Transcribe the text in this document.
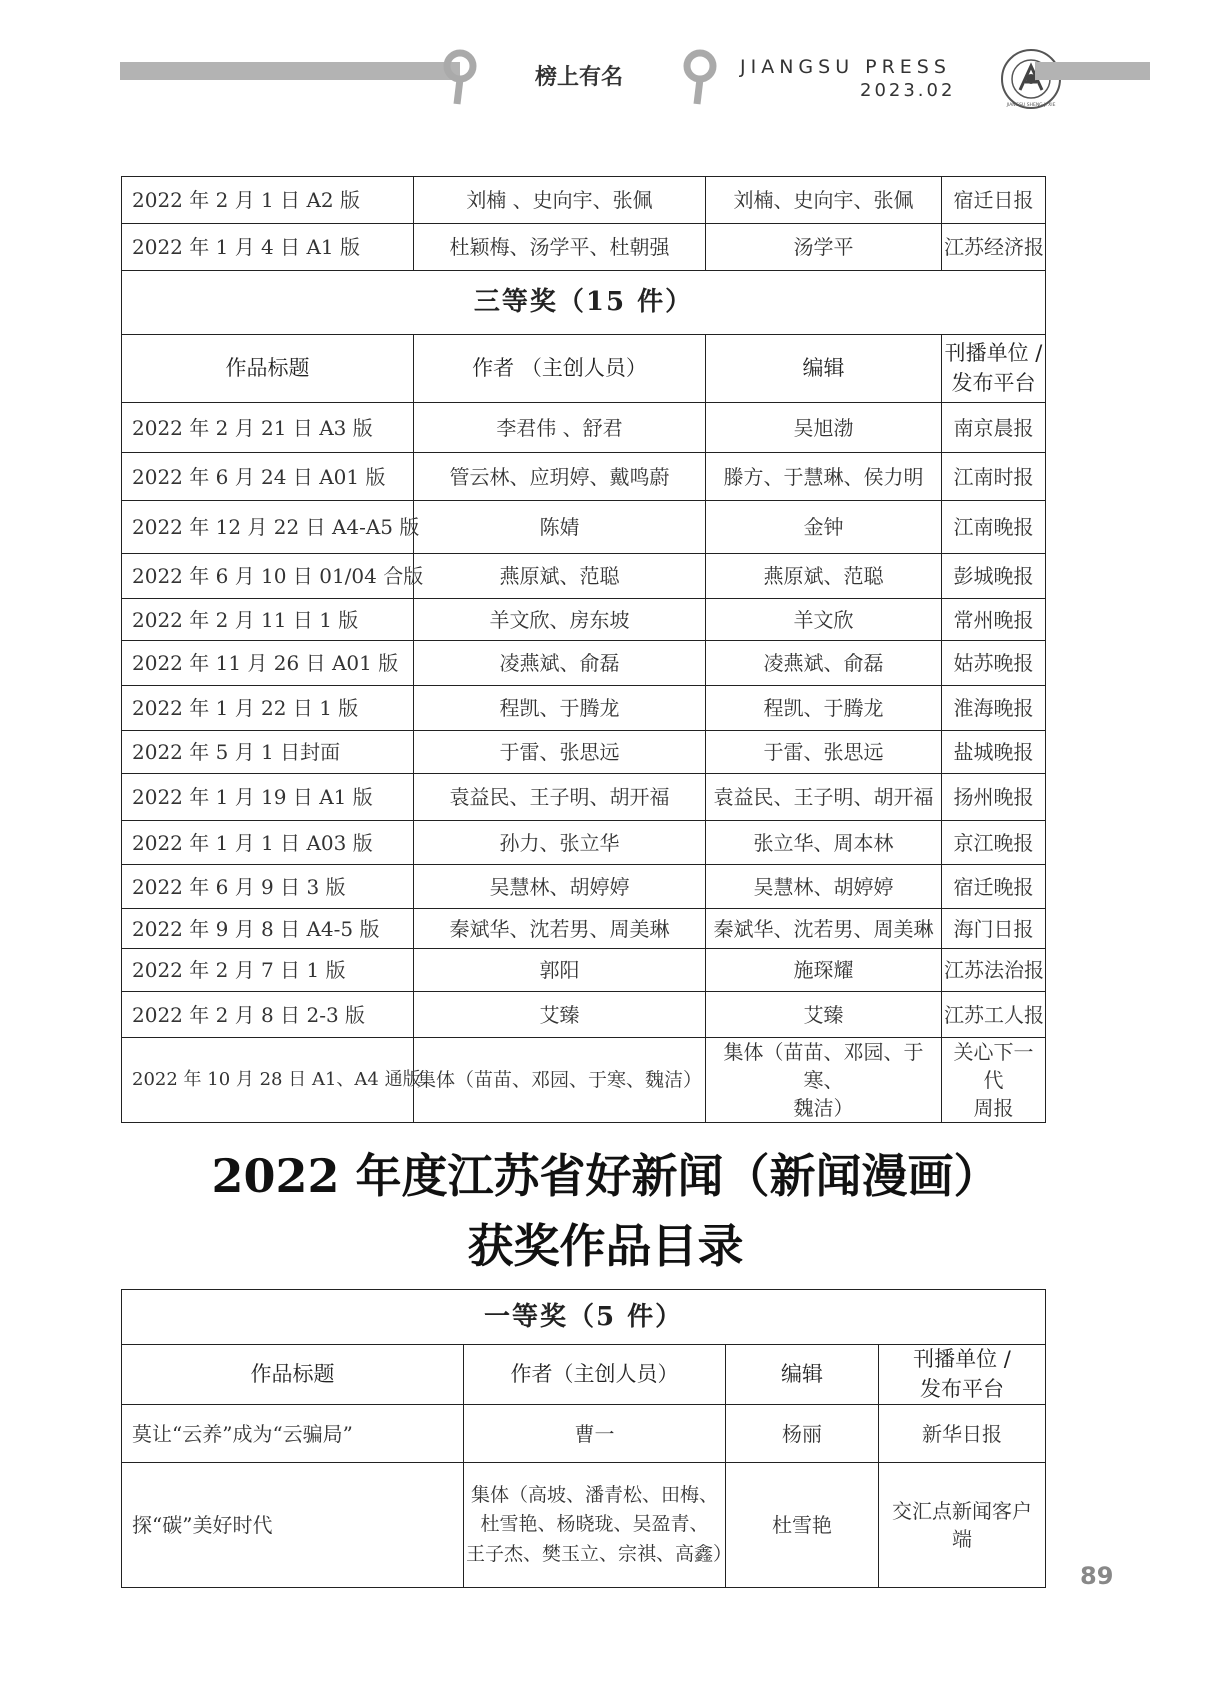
榜上有名	JIANGSU PRESS
2023.02
JIANGSU SHENG JI XIE
2022 年 2 月 1 日 A2 版	刘楠 、史向宇、张佩	刘楠、史向宇、张佩	宿迁日报
2022 年 1 月 4 日 A1 版	杜颖梅、汤学平、杜朝强	汤学平	江苏经济报
三等奖（15 件）			
作品标题	作者 （主创人员）	编辑	刊播单位 /
发布平台
2022 年 2 月 21 日 A3 版	李君伟 、舒君	吴旭渤	南京晨报
2022 年 6 月 24 日 A01 版	管云林、应玥婷、戴鸣蔚	滕方、于慧琳、侯力明	江南时报
2022 年 12 月 22 日 A4-A5 版	陈婧	金钟	江南晚报
2022 年 6 月 10 日 01/04 合版	燕原斌、范聪	燕原斌、范聪	彭城晚报
2022 年 2 月 11 日 1 版	羊文欣、房东坡	羊文欣	常州晚报
2022 年 11 月 26 日 A01 版	凌燕斌、俞磊	凌燕斌、俞磊	姑苏晚报
2022 年 1 月 22 日 1 版	程凯、于腾龙	程凯、于腾龙	淮海晚报
2022 年 5 月 1 日封面	于雷、张思远	于雷、张思远	盐城晚报
2022 年 1 月 19 日 A1 版	袁益民、王子明、胡开福	袁益民、王子明、胡开福	扬州晚报
2022 年 1 月 1 日 A03 版	孙力、张立华	张立华、周本林	京江晚报
2022 年 6 月 9 日 3 版	吴慧林、胡婷婷	吴慧林、胡婷婷	宿迁晚报
2022 年 9 月 8 日 A4-5 版	秦斌华、沈若男、周美琳	秦斌华、沈若男、周美琳	海门日报
2022 年 2 月 7 日 1 版	郭阳	施琛耀	江苏法治报
2022 年 2 月 8 日 2-3 版	艾臻	艾臻	江苏工人报
2022 年 10 月 28 日 A1、A4 通版	集体（苗苗、邓园、于寒、魏洁）	集体（苗苗、邓园、于寒、
魏洁）	关心下一代
周报
2022 年度江苏省好新闻（新闻漫画）
获奖作品目录
一等奖（5 件）			
作品标题	作者（主创人员）	编辑	刊播单位 /
发布平台
莫让“云养”成为“云骗局”	曹一	杨丽	新华日报
探“碳”美好时代	集体（高坡、潘青松、田梅、
杜雪艳、杨晓珑、吴盈青、
王子杰、樊玉立、宗祺、高鑫）	杜雪艳	交汇点新闻客户
端
89
